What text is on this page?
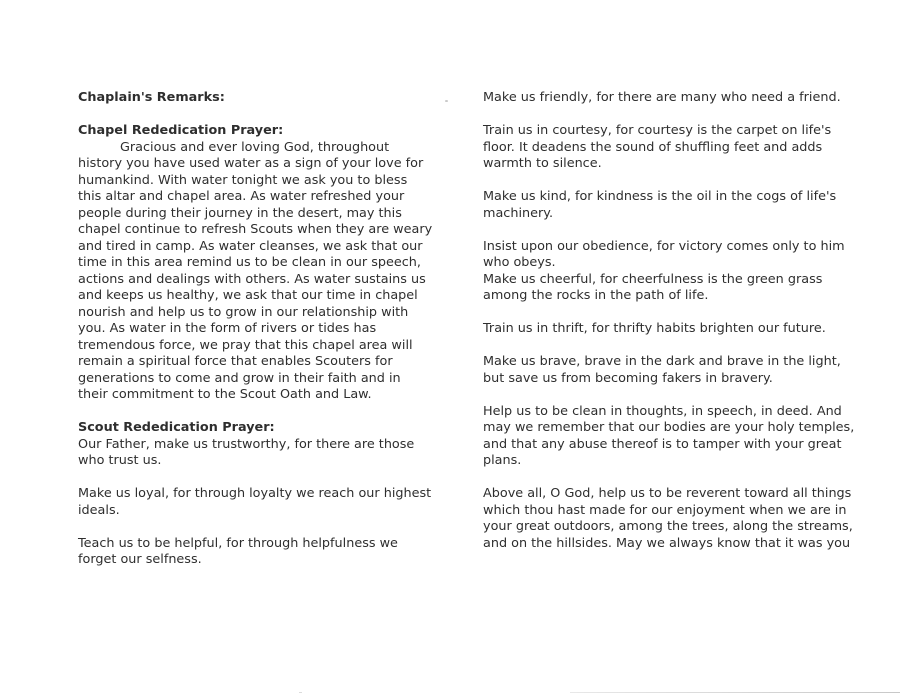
Chaplain's Remarks:
Chapel Rededication Prayer:

Gracious and ever loving God, throughout history you have used water as a sign of your love for humankind. With water tonight we ask you to bless this altar and chapel area. As water refreshed your people during their journey in the desert, may this chapel continue to refresh Scouts when they are weary and tired in camp. As water cleanses, we ask that our time in this area remind us to be clean in our speech, actions and dealings with others. As water sustains us and keeps us healthy, we ask that our time in chapel nourish and help us to grow in our relationship with you. As water in the form of rivers or tides has tremendous force, we pray that this chapel area will remain a spiritual force that enables Scouters for generations to come and grow in their faith and in their commitment to the Scout Oath and Law.

Scout Rededication Prayer:

Our Father, make us trustworthy, for there are those who trust us.

Make us loyal, for through loyalty we reach our highest ideals.

Teach us to be helpful, for through helpfulness we forget our selfness.

Make us friendly, for there are many who need a friend.

Train us in courtesy, for courtesy is the carpet on life's floor. It deadens the sound of shuffling feet and adds warmth to silence.

Make us kind, for kindness is the oil in the cogs of life's machinery.

Insist upon our obedience, for victory comes only to him who obeys.

Make us cheerful, for cheerfulness is the green grass among the rocks in the path of life.

Train us in thrift, for thrifty habits brighten our future.

Make us brave, brave in the dark and brave in the light, but save us from becoming fakers in bravery.

Help us to be clean in thoughts, in speech, in deed. And may we remember that our bodies are your holy temples, and that any abuse thereof is to tamper with your great plans.

Above all, O God, help us to be reverent toward all things which thou hast made for our enjoyment when we are in your great outdoors, among the trees, along the streams, and on the hillsides. May we always know that it was you
